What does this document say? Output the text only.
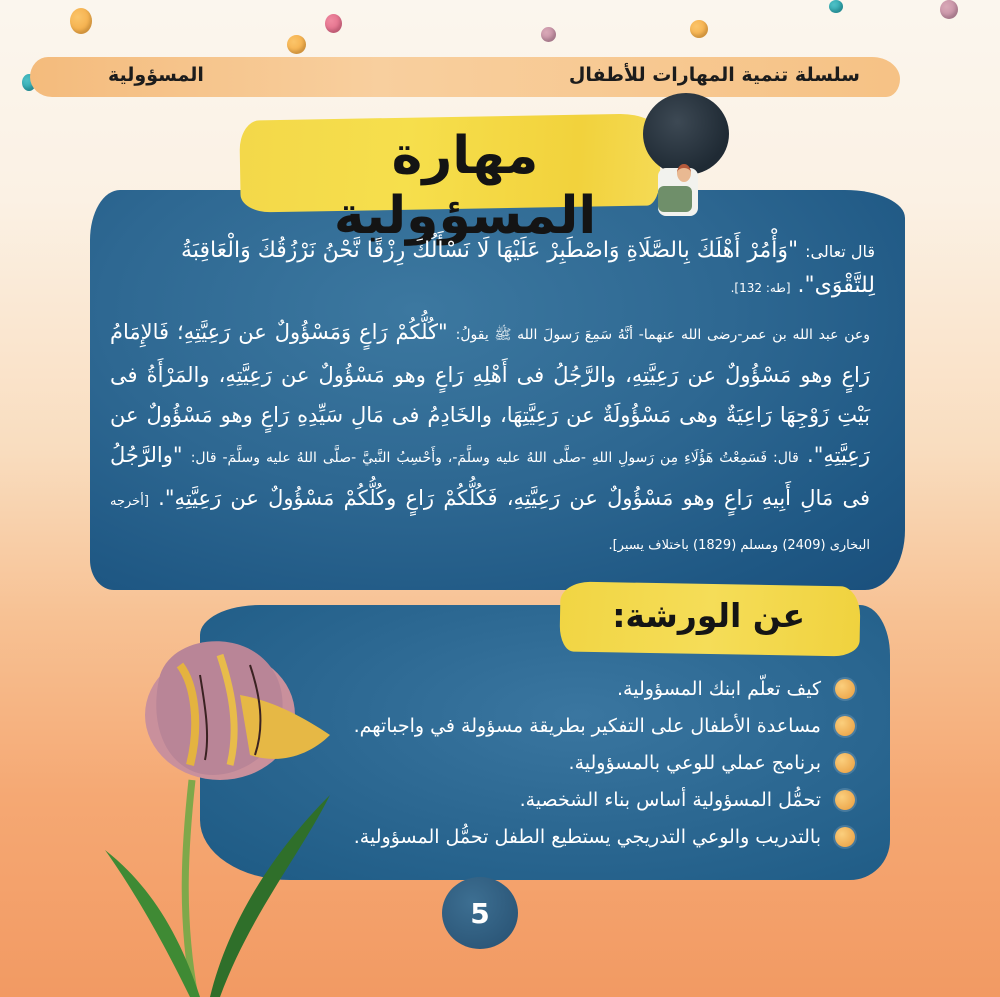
سلسلة تنمية المهارات للأطفال
المسؤولية
مهارة المسؤولية
قال تعالى: "وَأْمُرْ أَهْلَكَ بِالصَّلَاةِ وَاصْطَبِرْ عَلَيْهَا لَا نَسْأَلُكَ رِزْقًا نَّحْنُ نَرْزُقُكَ وَالْعَاقِبَةُ
لِلتَّقْوَى". [طه: 132].
وعن عبد الله بن عمر-رضى الله عنهما- أنَّهُ سَمِعَ رَسولَ الله ﷺ يقولُ: "كُلُّكُمْ رَاعٍ وَمَسْؤُولٌ عن رَعِيَّتِهِ؛ فَالإِمَامُ رَاعٍ وهو مَسْؤُولٌ عن رَعِيَّتِهِ، والرَّجُلُ فى أَهْلِهِ رَاعٍ وهو مَسْؤُولٌ عن رَعِيَّتِهِ، والمَرْأَةُ فى بَيْتِ زَوْجِهَا رَاعِيَةٌ وهى مَسْؤُولَةٌ عن رَعِيَّتِهَا، والخَادِمُ فى مَالِ سَيِّدِهِ رَاعٍ وهو مَسْؤُولٌ عن رَعِيَّتِهِ". قال: فَسَمِعْتُ هَؤُلَاءِ مِن رَسولِ اللهِ -صلَّى اللهُ عليه وسلَّمَ-، وأَحْسِبُ النَّبيَّ -صلَّى اللهُ عليه وسلَّمَ- قال: "والرَّجُلُ فى مَالِ أَبِيهِ رَاعٍ وهو مَسْؤُولٌ عن رَعِيَّتِهِ، فَكُلُّكُمْ رَاعٍ وكُلُّكُمْ مَسْؤُولٌ عن رَعِيَّتِهِ". [أخرجه البخارى (2409) ومسلم (1829) باختلاف يسير].
عن الورشة:
كيف تعلّم ابنك المسؤولية.
مساعدة الأطفال على التفكير بطريقة مسؤولة في واجباتهم.
برنامج عملي للوعي بالمسؤولية.
تحمُّل المسؤولية أساس بناء الشخصية.
بالتدريب والوعي التدريجي يستطيع الطفل تحمُّل المسؤولية.
5
